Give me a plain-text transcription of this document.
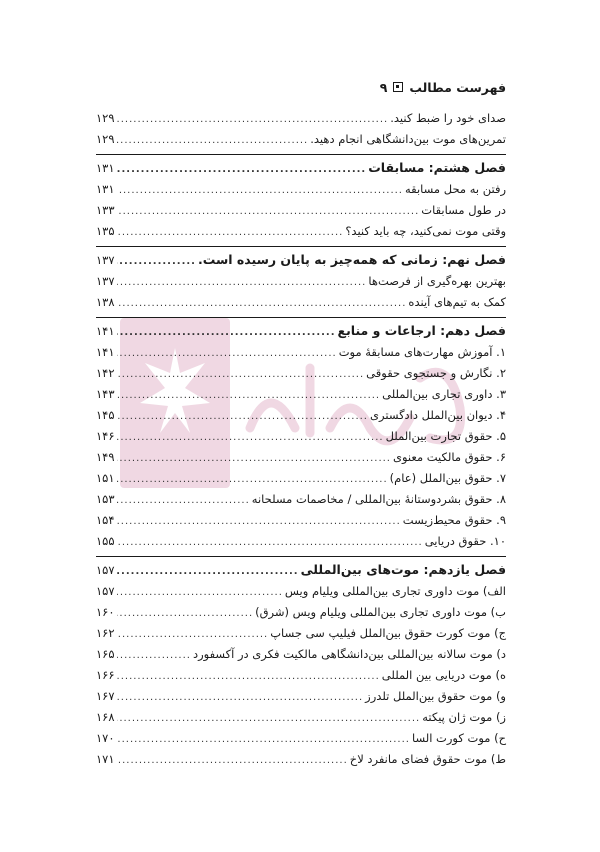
فهرست مطالب
۹
صدای خود را ضبط کنید.
.....
۱۲۹
تمرین‌های موت بین‌دانشگاهی انجام دهید.
.....
۱۲۹
فصل هشتم: مسابقات
.....
۱۳۱
رفتن به محل مسابقه
.....
۱۳۱
در طول مسابقات
.....
۱۳۳
وقتی موت نمی‌کنید، چه باید کنید؟
.....
۱۳۵
فصل نهم: زمانی که همه‌چیز به پایان رسیده است.
.....
۱۳۷
بهترین بهره‌گیری از فرصت‌ها
.....
۱۳۷
کمک به تیم‌های آینده
.....
۱۳۸
فصل دهم: ارجاعات و منابع
.....
۱۴۱
۱. آموزش مهارت‌های مسابقهٔ موت
.....
۱۴۱
۲. نگارش و جستجوی حقوقی
.....
۱۴۲
۳. داوری تجاری بین‌المللی
.....
۱۴۳
۴. دیوان بین‌الملل دادگستری
.....
۱۴۵
۵. حقوق تجارت بین‌الملل
.....
۱۴۶
۶. حقوق مالکیت معنوی
.....
۱۴۹
۷. حقوق بین‌الملل (عام)
.....
۱۵۱
۸. حقوق بشردوستانهٔ بین‌المللی / مخاصمات مسلحانه
.....
۱۵۳
۹. حقوق محیط‌زیست
.....
۱۵۴
۱۰. حقوق دریایی
.....
۱۵۵
فصل یازدهم: موت‌های بین‌المللی
.....
۱۵۷
الف) موت داوری تجاری بین‌المللی ویلیام ویس
.....
۱۵۷
ب) موت داوری تجاری بین‌المللی ویلیام ویس (شرق)
.....
۱۶۰
ج) موت کورت حقوق بین‌الملل فیلیپ سی جساپ
.....
۱۶۲
د) موت سالانه بین‌المللی بین‌دانشگاهی مالکیت فکری در آکسفورد
.....
۱۶۵
ه) موت دریایی بین المللی
.....
۱۶۶
و) موت حقوق بین‌الملل تلدرز
.....
۱۶۷
ز) موت ژان پیکته
.....
۱۶۸
ح) موت کورت السا
.....
۱۷۰
ط) موت حقوق فضای مانفرد لاخ
.....
۱۷۱
